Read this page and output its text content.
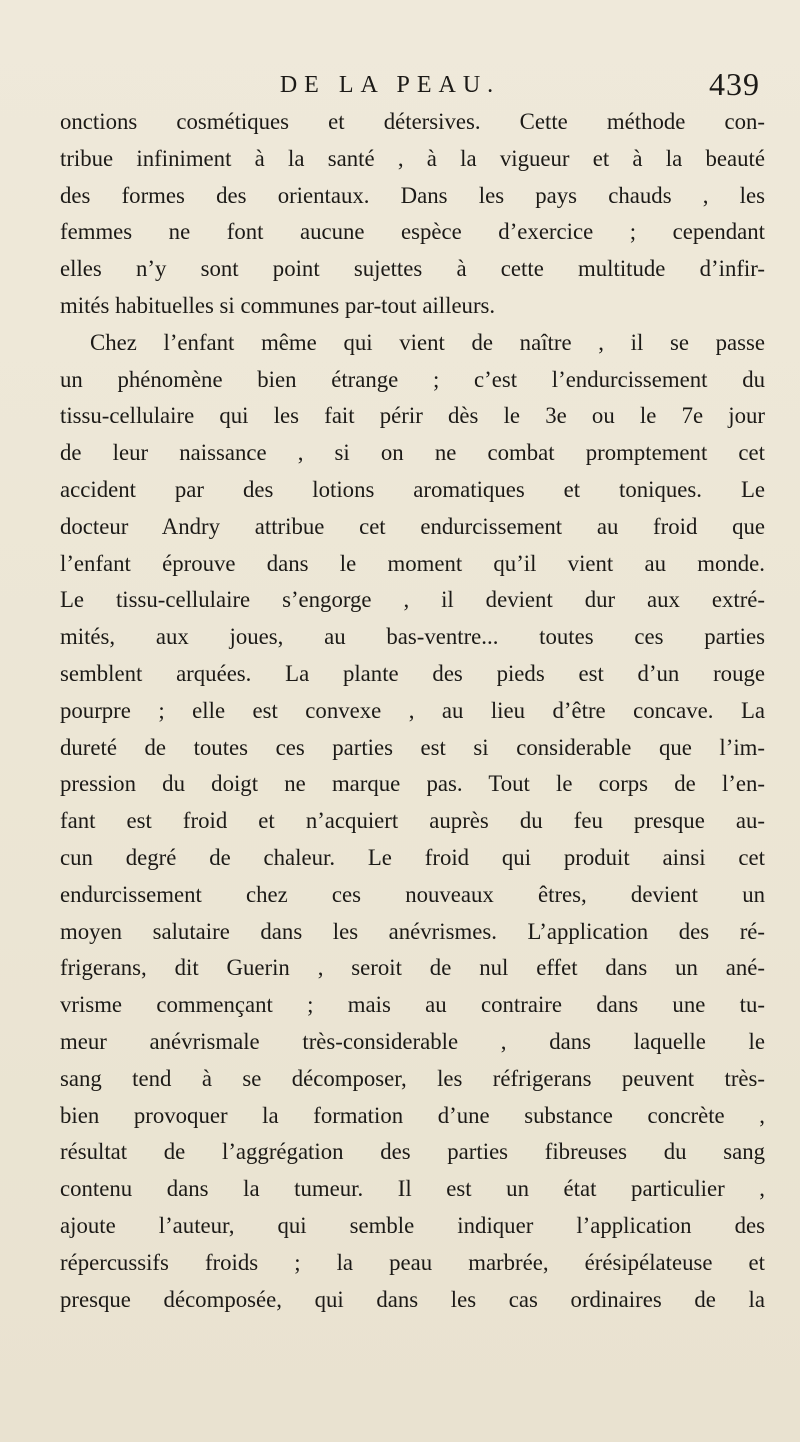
DE LA PEAU.	439
onctions cosmétiques et détersives. Cette méthode con-
tribue infiniment à la santé , à la vigueur et à la beauté
des formes des orientaux. Dans les pays chauds , les
femmes ne font aucune espèce d’exercice ; cependant
elles n’y sont point sujettes à cette multitude d’infir-
mités habituelles si communes par-tout ailleurs.
Chez l’enfant même qui vient de naître , il se passe
un phénomène bien étrange ; c’est l’endurcissement du
tissu-cellulaire qui les fait périr dès le 3e ou le 7e jour
de leur naissance , si on ne combat promptement cet
accident par des lotions aromatiques et toniques. Le
docteur Andry attribue cet endurcissement au froid que
l’enfant éprouve dans le moment qu’il vient au monde.
Le tissu-cellulaire s’engorge , il devient dur aux extré-
mités, aux joues, au bas-ventre... toutes ces parties
semblent arquées. La plante des pieds est d’un rouge
pourpre ; elle est convexe , au lieu d’être concave. La
dureté de toutes ces parties est si considerable que l’im-
pression du doigt ne marque pas. Tout le corps de l’en-
fant est froid et n’acquiert auprès du feu presque au-
cun degré de chaleur. Le froid qui produit ainsi cet
endurcissement chez ces nouveaux êtres, devient un
moyen salutaire dans les anévrismes. L’application des ré-
frigerans, dit Guerin , seroit de nul effet dans un ané-
vrisme commençant ; mais au contraire dans une tu-
meur anévrismale très-considerable , dans laquelle le
sang tend à se décomposer, les réfrigerans peuvent très-
bien provoquer la formation d’une substance concrète ,
résultat de l’aggrégation des parties fibreuses du sang
contenu dans la tumeur. Il est un état particulier ,
ajoute l’auteur, qui semble indiquer l’application des
répercussifs froids ; la peau marbrée, érésipélateuse et
presque décomposée, qui dans les cas ordinaires de la
